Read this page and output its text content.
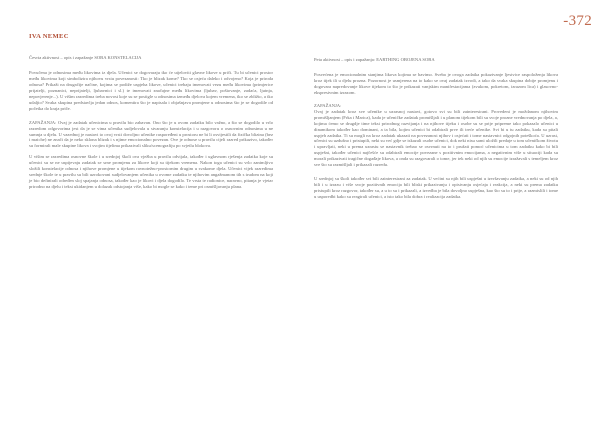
-372
IVA NEMEC

Čevrta aktivnost – opis i zapažanje SOBA KONSTELACIJA

Povučena je odnosima među likovima iz djela. Učenici se dogovaraju tko će utjeloviti glavne likove u priči. Tu bi učenici prostor među likovima koji simbolizira njihovu vrstu povezanosti: Tko je blizak kome? Tko se osjeća daleko i odvojeno? Koja je priroda odnosa? Prikaži na drugačije načine, kojima se podiže uspjeha likove, učenici trebaju imenovati vezu među likovima (primjerice prijatelji, poznanici, neprijatelji, ljubavnici i sl.) te imenovati značajne među likovima (ljubav, poštovanje, zadaća, ljutnja, nepovjerenje...). U višim razredima treba novost koje su se postigle u odnosima između djelova kojem vremena, tko se zbližio, a tko udaljio? Svaka skupina predstavlja jedan odnos, komentira što je napisala i objašnjava promjene u odnosima što je se dogodile od početka do kraja priče.

ZAPAŽANJA: Ovaj je zadatak učenicima u pravilu bio zabavan. Ono što je u ovom zadatku bilo važno, a što se dogodilo u vrlo razredom odgovorima jest da je se vima učenika sudjelovala u stvaranju konstelacija i u razgovoru o osnovnim odnosima u ne sumnja u djelu. U vazednoj je nastavi to ovoj vrsti dovoljno učenike raspoređeni u prostoru ne bi li osvijestili da fizička blizina (bez i maiche) ne znači da je neko sklona blizak i s njime emocionalno povezan. Ove je odnose u pravilu cijeli razred prikazivo, također su formirali male skupine likova i svojim tijelima prikazivali sliku/scenografiju po svjetlu blokova.

U višim se razredima osnovne škole i u srednjoj školi ova vježba u pravilu odvijala, također i uglavnom rješenja zadatka koje su učenici su se ne uspijevaju zadatak se srne promjenu za likove koji su tijekom vremena. Nakon toga učenici su vrlo zanimljivo složili konstelacije odnosa i njihove promjene u tijekom ravnotežno-prostornim drugim u svakome djela. Učenici vijek razredima srednje škole te u pravilu su bili uzrokovani sudjelovanjem učenika u ovome zadatku te njihovim angažmanom tih s trudom na koji je bio definirali određen sloj spajanja odnosa, također kao je likovi i djela dogodilo. Te vrsta te radionice, naravno, pitanja je vjetar prirodno na djelu i tekst ukidanjem u dolazak odstojanja više, kako bi mogle se kako i teme pri osmišljavanju plana.

Peta aktivnost – opis i zapažanja: EARTHING OBOJENA SOBA

Posvećena je emocionalnim stanjima likova kojima se bavimo. Sveba je ovoga zadatka pokazivanje ljestvice raspoloženja likova kroz tijek ili u djelu prozna. Pozornost je usmjerena na to kako se ovaj zadatak izvodi, a tako da svaka skupina dobije promjenu i dogovara napredovanje likove tijekom to što je prikazati vanjskim manifestacijama (zvukom, pokretom, izrazom lica) i glasovno-ekspresivnim izrazom.

ZAPAŽANJA:

Ovaj je zadatak kroz sve učenike u uzrasnoj nastavi, gotovo svi su bili zainteresirani. Provedeni je moždanom njihovim promišljanjem (Frka i Marica), kada je učeničke zadatak promišljali i u planom tijekom bili su svoje prozne vrednovanja po djela, a, kojima ćemo se drugdje time tekst prirodnog razvijanja i na njihove tijeku i osobe su se prije pripreme tako pokazalo učenici u dinamikom također kao dominant, a ta bila, kojim učenici bi odabirali prve ili treće učenike. Svi bi u tu zadatku, kada su pitali uspjeh zadatka. Ti su mogli na kroz zadatak ukazati na povezanost njihov i osjećati i tome nastavnici odgojnih poteškoća. U uzrast, učenici su uzdušno i pristupili, neki su već gdje se iskazali osobe učenici, dok neki nisu sami uložili predaje u tom učeničkom životu i upravljati, neki u prema uzrastu se nastavnik trebao se osvrnuti na to i pružati pomoć učenicima u tom zadatku kako bi bili uspješni, također učenici najčešće su odabirali emocije povezane s pozitivnim emocijama, a negativnim više u situaciji kada su morali prikazivati tragične događaje likova, a onda su razgovarali o tome, jer tek neki od njih su emocije izražavali s temeljem kroz sve što su razmišljali i prikazali razredu.

U srednjoj su školi također svi bili zainteresirani za zadatak. U većini su njih bili uspješni u izvršavanju zadatka, a neki su od njih bili i u izrazu i više svoje pozitivnih emocija bili bliski prikazivanju i opisivanju osjećaja i reakcija, a neki su prema zadatku pristupili kroz razgovor, također su, a u to su i prikazali, a izvedba je bila dovoljno uspješna, kao što su to i prije, a razmislili i tome u usporedbi kako su reagirali učenici, a isto tako bila dobra i realizacija zadatka.
